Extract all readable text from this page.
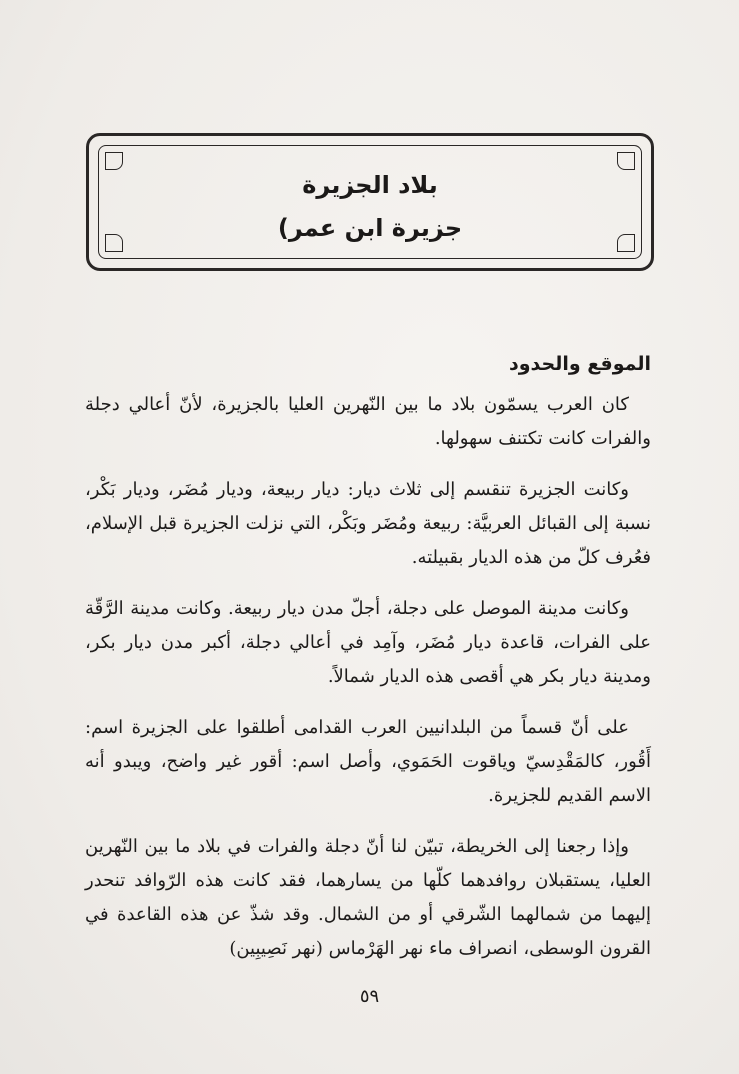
بلاد الجزيرة
جزيرة ابن عمر)
الموقع والحدود

كان العرب يسمّون بلاد ما بين النّهرين العليا بالجزيرة، لأنّ أعالي دجلة والفرات كانت تكتنف سهولها.

وكانت الجزيرة تنقسم إلى ثلاث ديار: ديار ربيعة، وديار مُضَر، وديار بَكْر، نسبة إلى القبائل العربيَّة: ربيعة ومُضَر وبَكْر، التي نزلت الجزيرة قبل الإسلام، فعُرف كلّ من هذه الديار بقبيلته.

وكانت مدينة الموصل على دجلة، أجلّ مدن ديار ربيعة. وكانت مدينة الرَّقّة على الفرات، قاعدة ديار مُضَر، وآمِد في أعالي دجلة، أكبر مدن ديار بكر، ومدينة ديار بكر هي أقصى هذه الديار شمالاً.

على أنّ قسماً من البلدانيين العرب القدامى أطلقوا على الجزيرة اسم: أَقُور، كالمَقْدِسيّ وياقوت الحَمَوي، وأصل اسم: أقور غير واضح، ويبدو أنه الاسم القديم للجزيرة.

وإذا رجعنا إلى الخريطة، تبيّن لنا أنّ دجلة والفرات في بلاد ما بين النّهرين العليا، يستقبلان روافدهما كلّها من يسارهما، فقد كانت هذه الرّوافد تنحدر إليهما من شمالهما الشّرقي أو من الشمال. وقد شذّ عن هذه القاعدة في القرون الوسطى، انصراف ماء نهر الهَرْماس (نهر نَصِيبِين)

٥٩
